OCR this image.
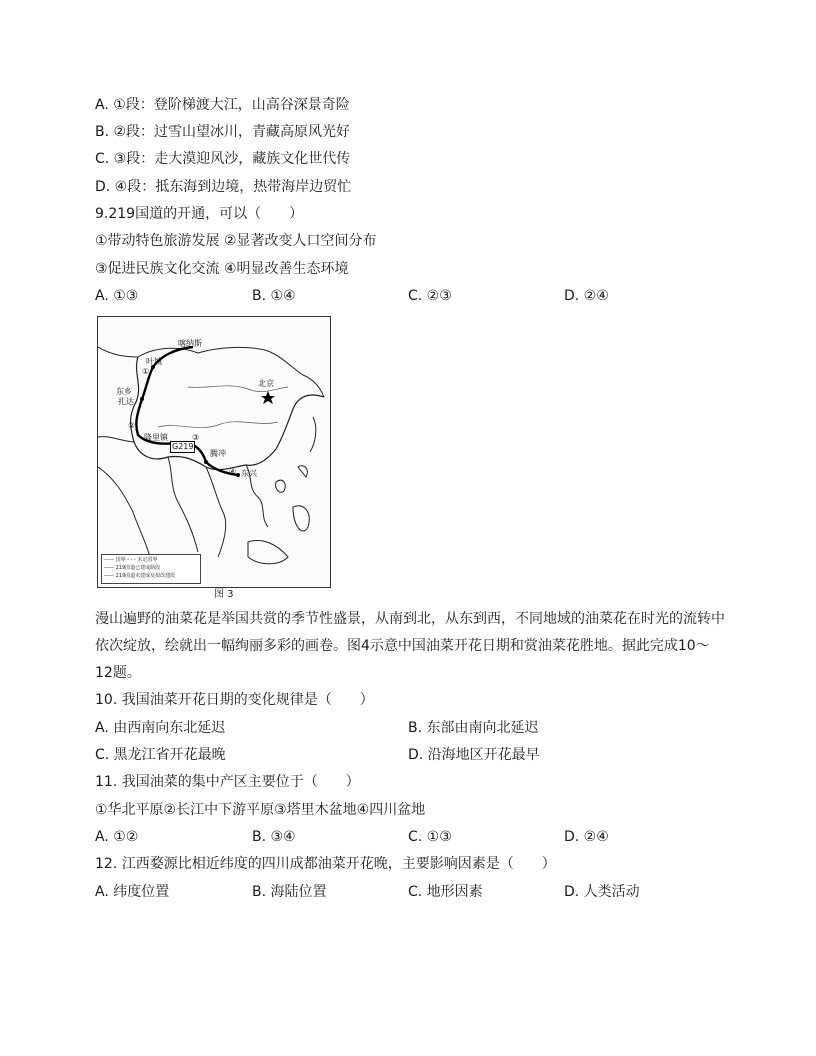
A. ①段：登阶梯渡大江，山高谷深景奇险
B. ②段：过雪山望冰川，青藏高原风光好
C. ③段：走大漠迎风沙，藏族文化世代传
D. ④段：抵东海到边境，热带海岸边贸忙
9.219国道的开通，可以（　　）
①带动特色旅游发展 ②显著改变人口空间分布
③促进民族文化交流 ④明显改善生态环境
A. ①③	B. ①④	C. ②③	D. ②④
喀纳斯
叶城
①
东乡
扎达
北京
②
隆里镇
G219
③
腾冲
④ 东兴
—— 国界 - - - 未定国界
—— 219国道已建成路段
—— 219国道未建成及拟改建段
图 3
漫山遍野的油菜花是举国共赏的季节性盛景，从南到北，从东到西，不同地域的油菜花在时光的流转中依次绽放，绘就出一幅绚丽多彩的画卷。图4示意中国油菜开花日期和赏油菜花胜地。据此完成10～12题。
10. 我国油菜开花日期的变化规律是（　　）
A. 由西南向东北延迟	B. 东部由南向北延迟
C. 黑龙江省开花最晚	D. 沿海地区开花最早
11. 我国油菜的集中产区主要位于（　　）
①华北平原②长江中下游平原③塔里木盆地④四川盆地
A. ①②	B. ③④	C. ①③	D. ②④
12. 江西婺源比相近纬度的四川成都油菜开花晚，主要影响因素是（　　）
A. 纬度位置	B. 海陆位置	C. 地形因素	D. 人类活动
